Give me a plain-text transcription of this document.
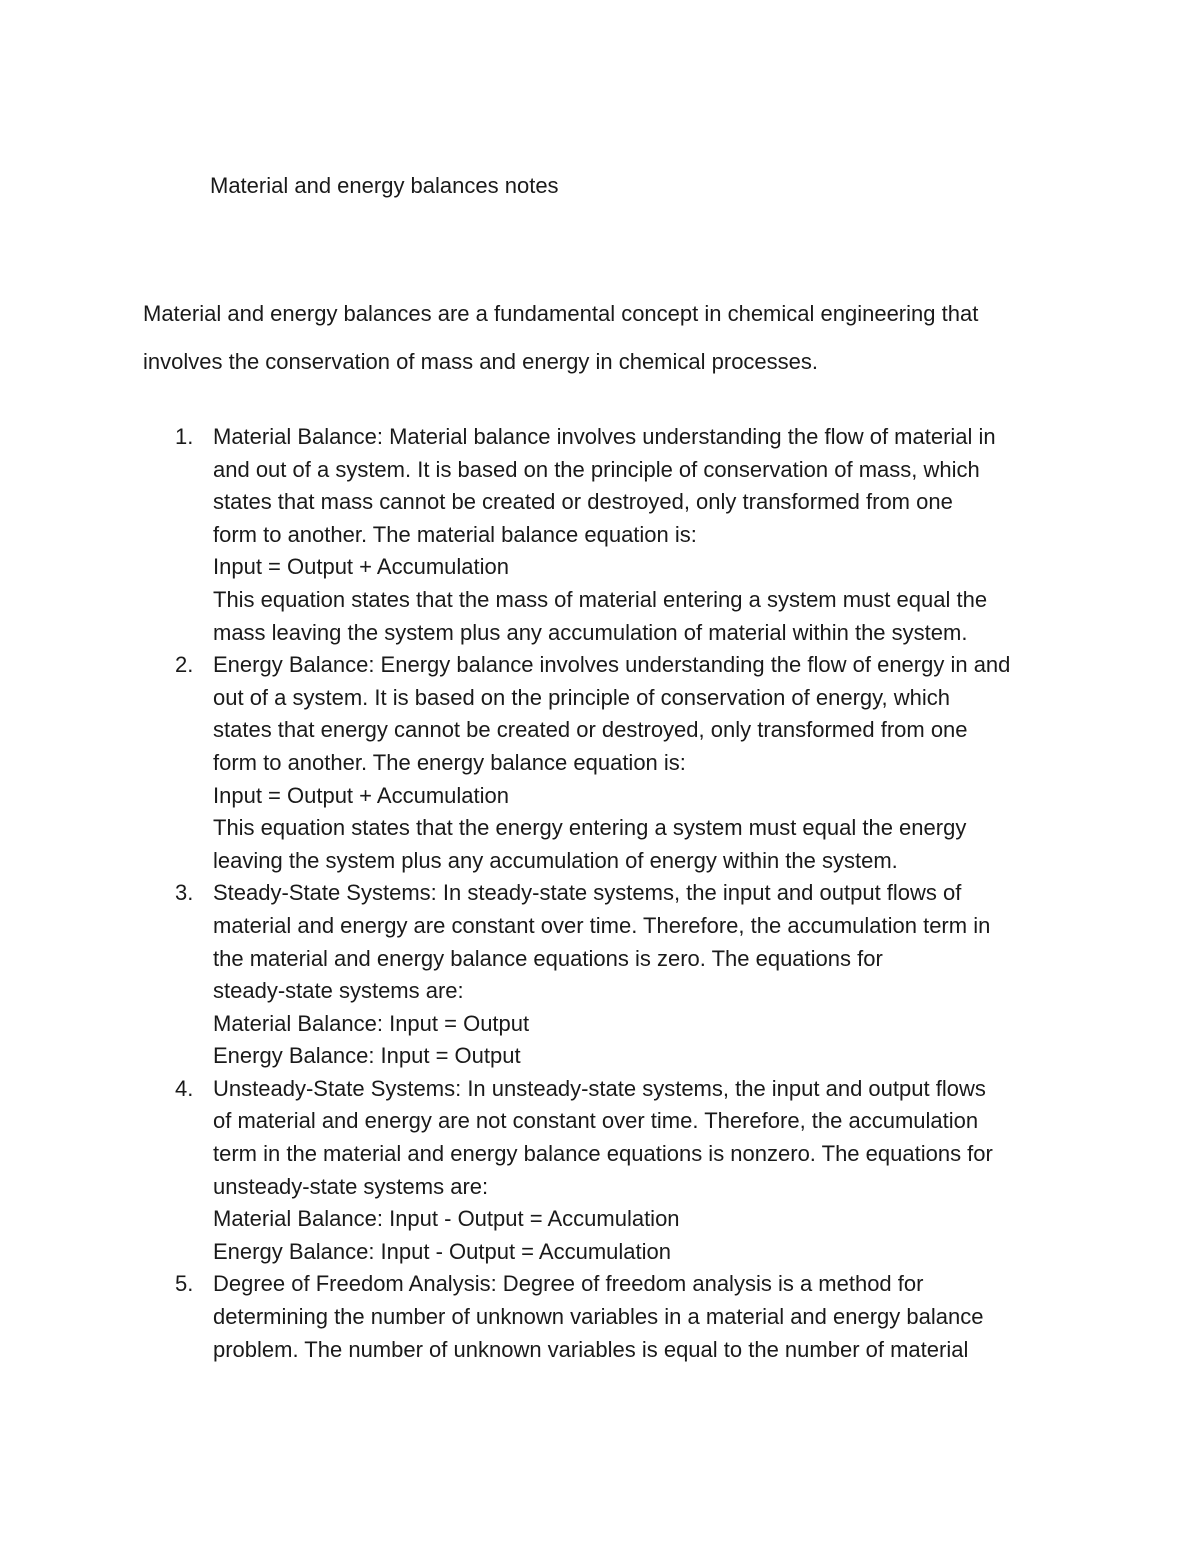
Material and energy balances notes

Material and energy balances are a fundamental concept in chemical engineering that
involves the conservation of mass and energy in chemical processes.

1. Material Balance: Material balance involves understanding the flow of material in
and out of a system. It is based on the principle of conservation of mass, which
states that mass cannot be created or destroyed, only transformed from one
form to another. The material balance equation is:
Input = Output + Accumulation
This equation states that the mass of material entering a system must equal the
mass leaving the system plus any accumulation of material within the system.
2. Energy Balance: Energy balance involves understanding the flow of energy in and
out of a system. It is based on the principle of conservation of energy, which
states that energy cannot be created or destroyed, only transformed from one
form to another. The energy balance equation is:
Input = Output + Accumulation
This equation states that the energy entering a system must equal the energy
leaving the system plus any accumulation of energy within the system.
3. Steady-State Systems: In steady-state systems, the input and output flows of
material and energy are constant over time. Therefore, the accumulation term in
the material and energy balance equations is zero. The equations for
steady-state systems are:
Material Balance: Input = Output
Energy Balance: Input = Output
4. Unsteady-State Systems: In unsteady-state systems, the input and output flows
of material and energy are not constant over time. Therefore, the accumulation
term in the material and energy balance equations is nonzero. The equations for
unsteady-state systems are:
Material Balance: Input - Output = Accumulation
Energy Balance: Input - Output = Accumulation
5. Degree of Freedom Analysis: Degree of freedom analysis is a method for
determining the number of unknown variables in a material and energy balance
problem. The number of unknown variables is equal to the number of material
